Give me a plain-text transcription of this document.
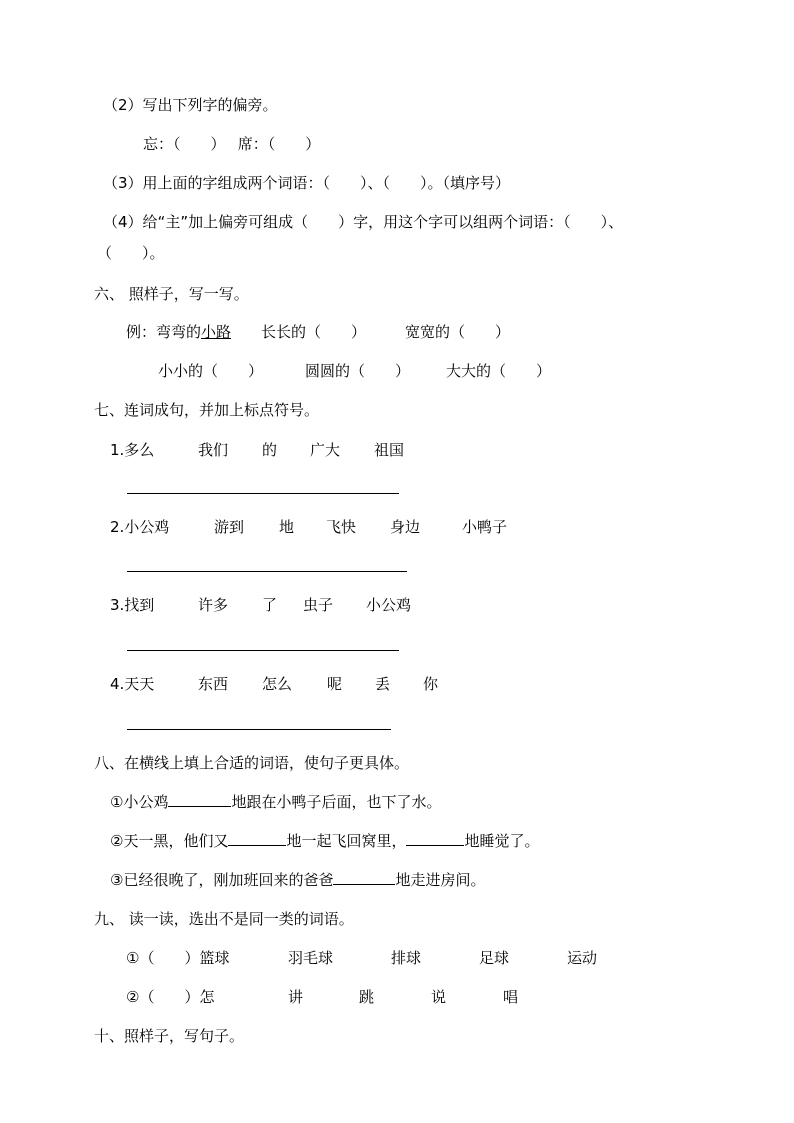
（2）写出下列字的偏旁。
忘：（　　）　 席：（　　）
（3）用上面的字组成两个词语：（　　）、（　　）。（填序号）
（4）给“主”加上偏旁可组成（　　）字，用这个字可以组两个词语：（　　）、
（　　）。
六、 照样子，写一写。
例：弯弯的小路 长长的（　　）	宽宽的（　　）
小小的（　　）	圆圆的（　　） 大大的（　　）
七、连词成句，并加上标点符号。
1.多么	我们 的 广大 祖国
2.小公鸡	游到 地 飞快 身边	小鸭子
3.找到	许多 了 虫子 小公鸡
4.天天	东西 怎么 呢 丢 你
八、在横线上填上合适的词语，使句子更具体。
①小公鸡	地跟在小鸭子后面，也下了水。
②天一黑，他们又	地一起飞回窝里，	地睡觉了。
③已经很晚了，刚加班回来的爸爸	地走进房间。
九、 读一读，选出不是同一类的词语。
①（　　）篮球	羽毛球	排球	足球	运动
②（　　）怎	讲	跳	说	唱
十、照样子，写句子。
